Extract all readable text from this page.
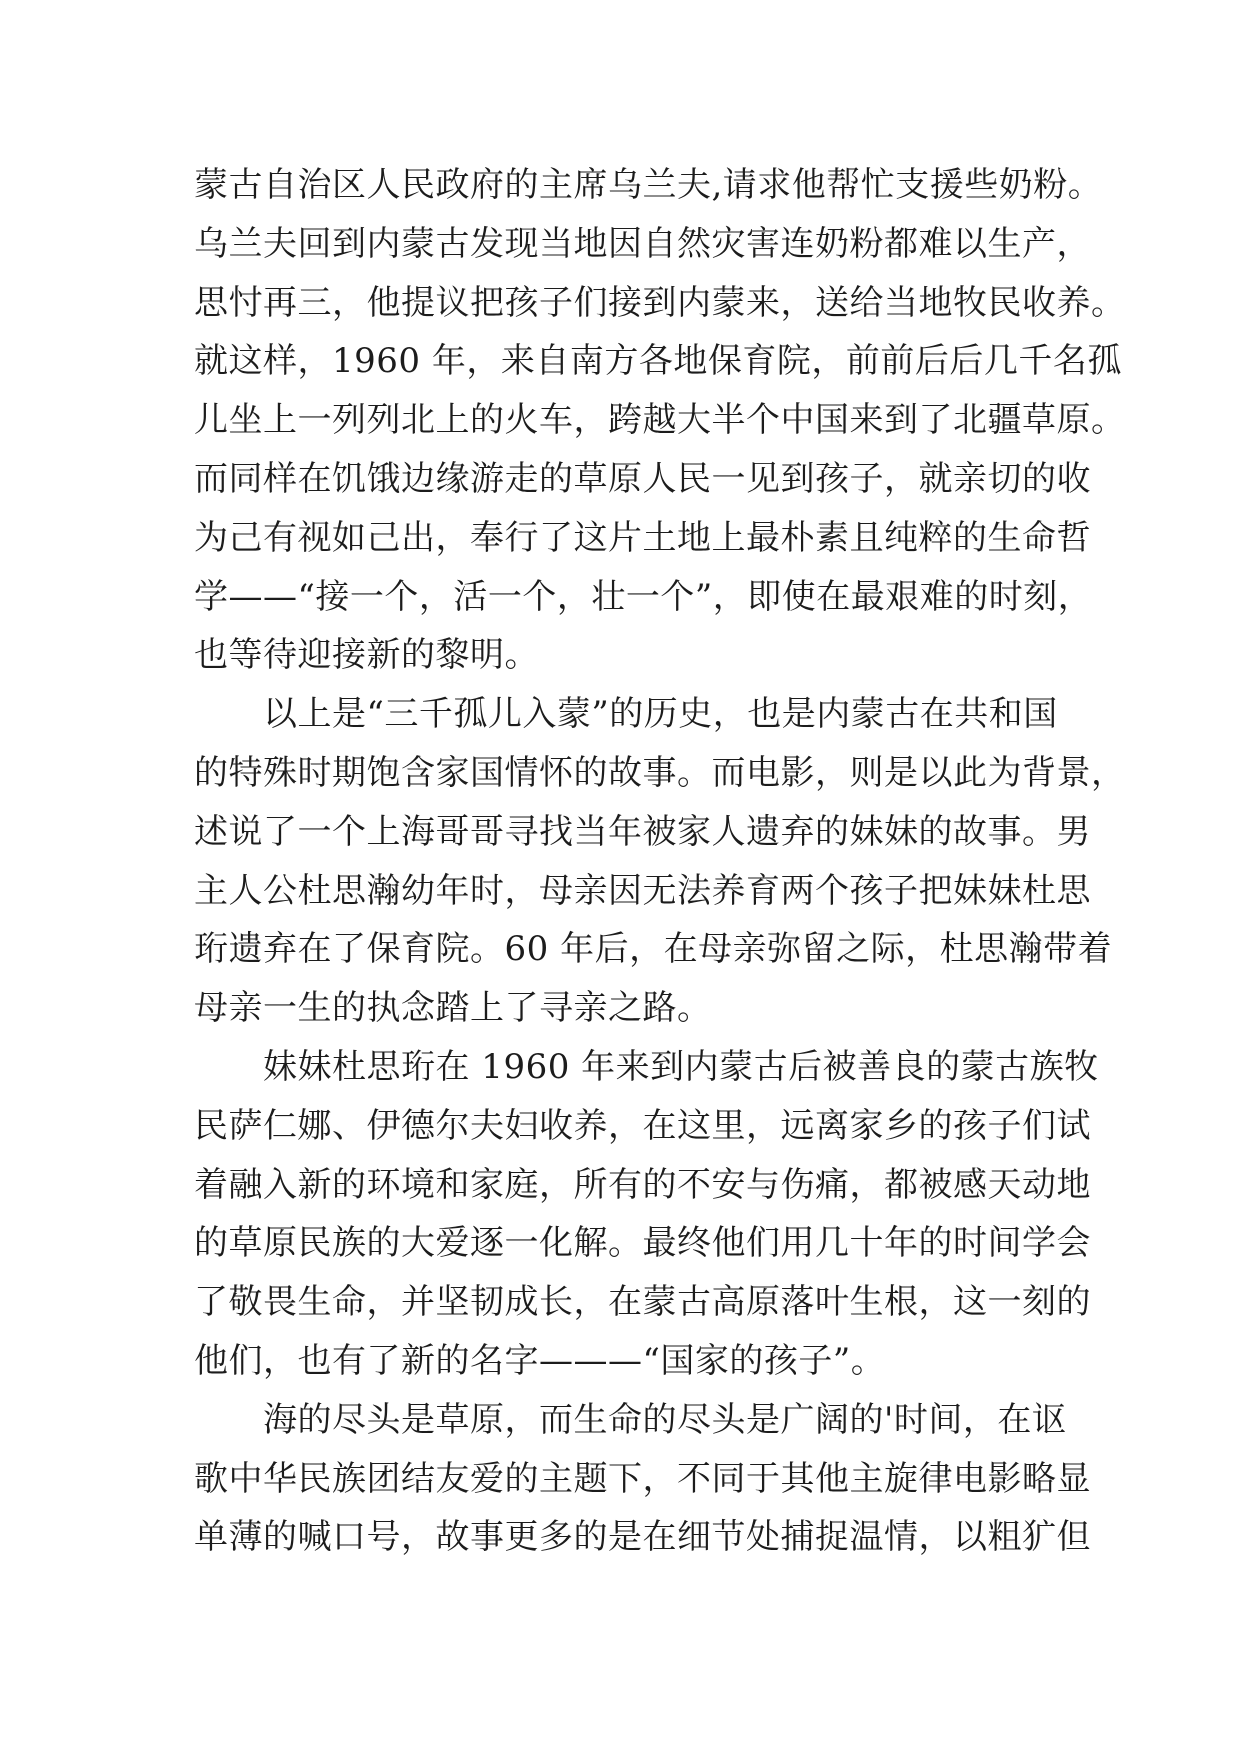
蒙古自治区人民政府的主席乌兰夫,请求他帮忙支援些奶粉。
乌兰夫回到内蒙古发现当地因自然灾害连奶粉都难以生产，
思忖再三，他提议把孩子们接到内蒙来，送给当地牧民收养。
就这样，1960 年，来自南方各地保育院，前前后后几千名孤
儿坐上一列列北上的火车，跨越大半个中国来到了北疆草原。
而同样在饥饿边缘游走的草原人民一见到孩子，就亲切的收
为己有视如己出，奉行了这片土地上最朴素且纯粹的生命哲
学——“接一个，活一个，壮一个”，即使在最艰难的时刻，
也等待迎接新的黎明。
以上是“三千孤儿入蒙”的历史，也是内蒙古在共和国
的特殊时期饱含家国情怀的故事。而电影，则是以此为背景，
述说了一个上海哥哥寻找当年被家人遗弃的妹妹的故事。男
主人公杜思瀚幼年时，母亲因无法养育两个孩子把妹妹杜思
珩遗弃在了保育院。60 年后，在母亲弥留之际，杜思瀚带着
母亲一生的执念踏上了寻亲之路。
妹妹杜思珩在 1960 年来到内蒙古后被善良的蒙古族牧
民萨仁娜、伊德尔夫妇收养，在这里，远离家乡的孩子们试
着融入新的环境和家庭，所有的不安与伤痛，都被感天动地
的草原民族的大爱逐一化解。最终他们用几十年的时间学会
了敬畏生命，并坚韧成长，在蒙古高原落叶生根，这一刻的
他们，也有了新的名字———“国家的孩子”。
海的尽头是草原，而生命的尽头是广阔的'时间，在讴
歌中华民族团结友爱的主题下，不同于其他主旋律电影略显
单薄的喊口号，故事更多的是在细节处捕捉温情，以粗犷但
